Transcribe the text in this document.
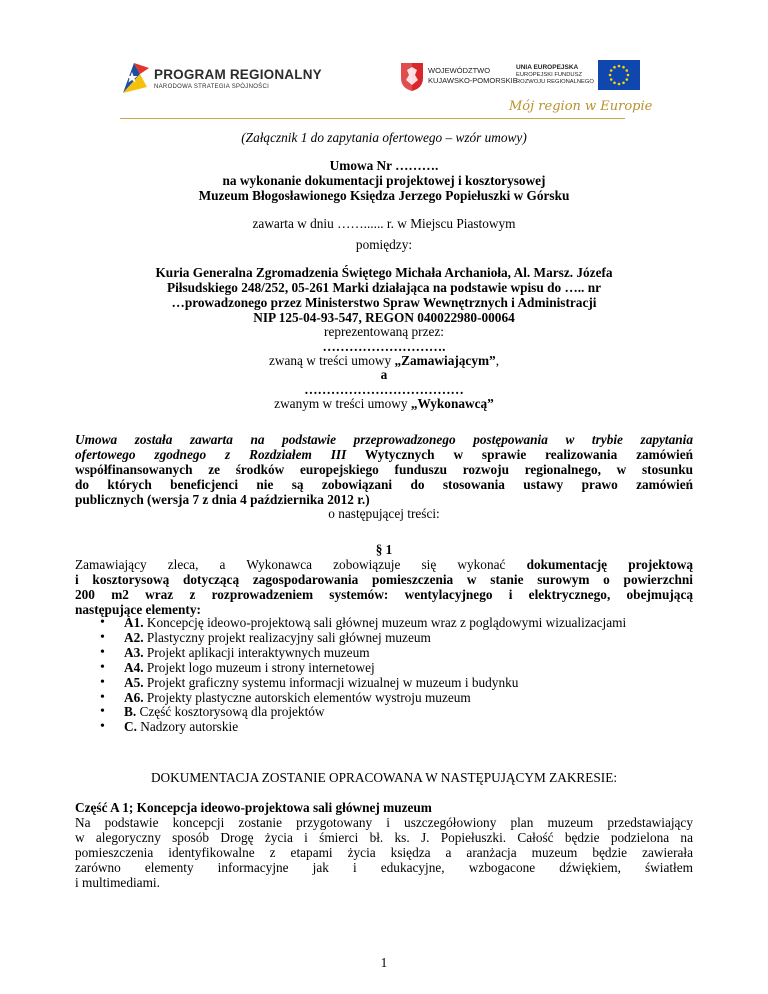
PROGRAM REGIONALNY
NARODOWA STRATEGIA SPÓJNOŚCI
WOJEWÓDZTWO
KUJAWSKO-POMORSKIE
UNIA EUROPEJSKA
EUROPEJSKI FUNDUSZ
ROZWOJU REGIONALNEGO
Mój region w Europie
(Załącznik 1 do zapytania ofertowego – wzór umowy)
Umowa Nr ……….
na wykonanie dokumentacji projektowej i kosztorysowej
Muzeum Błogosławionego Księdza Jerzego Popiełuszki w Górsku
zawarta w dniu ……...... r. w Miejscu Piastowym
pomiędzy:
Kuria Generalna Zgromadzenia Świętego Michała Archanioła, Al. Marsz. Józefa
Piłsudskiego 248/252, 05-261 Marki działająca na podstawie wpisu do ….. nr
…prowadzonego przez Ministerstwo Spraw Wewnętrznych i Administracji
NIP 125-04-93-547, REGON 040022980-00064
reprezentowaną przez:
……………………….
zwaną w treści umowy „Zamawiającym”,
a
………………………………
zwanym w treści umowy „Wykonawcą”
Umowa została zawarta na podstawie przeprowadzonego postępowania w trybie zapytania
ofertowego zgodnego z Rozdziałem III Wytycznych w sprawie realizowania zamówień
współfinansowanych ze środków europejskiego funduszu rozwoju regionalnego, w stosunku
do których beneficjenci nie są zobowiązani do stosowania ustawy prawo zamówień
publicznych (wersja 7 z dnia 4 października 2012 r.)
o następującej treści:
§ 1
Zamawiający zleca, a Wykonawca zobowiązuje się wykonać dokumentację projektową
i kosztorysową dotyczącą zagospodarowania pomieszczenia w stanie surowym o powierzchni
200 m2 wraz z rozprowadzeniem systemów: wentylacyjnego i elektrycznego, obejmującą
następujące elementy:
• A1. Koncepcję ideowo-projektową sali głównej muzeum wraz z poglądowymi wizualizacjami
• A2. Plastyczny projekt realizacyjny sali głównej muzeum
• A3. Projekt aplikacji interaktywnych muzeum
• A4. Projekt logo muzeum i strony internetowej
• A5. Projekt graficzny systemu informacji wizualnej w muzeum i budynku
• A6. Projekty plastyczne autorskich elementów wystroju muzeum
• B. Część kosztorysową dla projektów
• C. Nadzory autorskie
DOKUMENTACJA ZOSTANIE OPRACOWANA W NASTĘPUJĄCYM ZAKRESIE:
Część A 1; Koncepcja ideowo-projektowa sali głównej muzeum
Na podstawie koncepcji zostanie przygotowany i uszczegółowiony plan muzeum przedstawiający
w alegoryczny sposób Drogę życia i śmierci bł. ks. J. Popiełuszki. Całość będzie podzielona na
pomieszczenia identyfikowalne z etapami życia księdza a aranżacja muzeum będzie zawierała
zarówno elementy informacyjne jak i edukacyjne, wzbogacone dźwiękiem, światłem
i multimediami.
1
